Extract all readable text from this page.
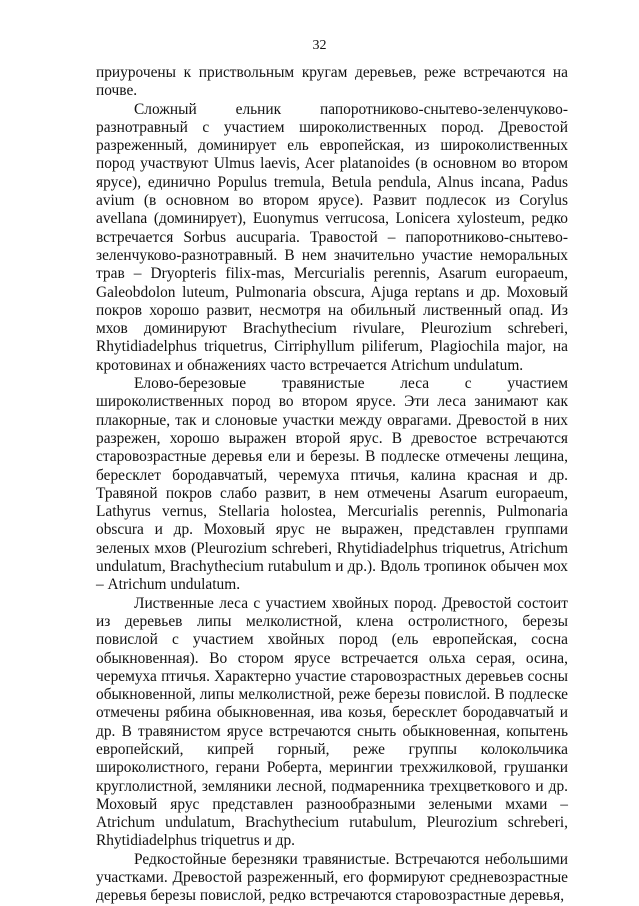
32

приурочены к приствольным кругам деревьев, реже встречаются на почве.

Сложный ельник папоротниково-снытево-зеленчуково-разнотравный с участием широколиственных пород. Древостой разреженный, доминирует ель европейская, из широколиственных пород участвуют Ulmus laevis, Acer platanoides (в основном во втором ярусе), единично Populus tremula, Betula pendula, Alnus incana, Padus avium (в основном во втором ярусе). Развит подлесок из Corylus avellana (доминирует), Euonymus verrucosa, Lonicera xylosteum, редко встречается Sorbus aucuparia. Травостой – папоротниково-снытево-зеленчуково-разнотравный. В нем значительно участие неморальных трав – Dryopteris filix-mas, Mercurialis perennis, Asarum europaeum, Galeobdolon luteum, Pulmonaria obscura, Ajuga reptans и др. Моховый покров хорошо развит, несмотря на обильный лиственный опад. Из мхов доминируют Brachythecium rivulare, Pleurozium schreberi, Rhytidiadelphus triquetrus, Cirriphyllum piliferum, Plagiochila major, на кротовинах и обнажениях часто встречается Atrichum undulatum.

Елово-березовые травянистые леса с участием широколиственных пород во втором ярусе. Эти леса занимают как плакорные, так и слоновые участки между оврагами. Древостой в них разрежен, хорошо выражен второй ярус. В древостое встречаются старовозрастные деревья ели и березы. В подлеске отмечены лещина, бересклет бородавчатый, черемуха птичья, калина красная и др. Травяной покров слабо развит, в нем отмечены Asarum europaeum, Lathyrus vernus, Stellaria holostea, Mercurialis perennis, Pulmonaria obscura и др. Моховый ярус не выражен, представлен группами зеленых мхов (Pleurozium schreberi, Rhytidiadelphus triquetrus, Atrichum undulatum, Brachythecium rutabulum и др.). Вдоль тропинок обычен мох – Atrichum undulatum.

Лиственные леса с участием хвойных пород. Древостой состоит из деревьев липы мелколистной, клена остролистного, березы повислой с участием хвойных пород (ель европейская, сосна обыкновенная). Во стором ярусе встречается ольха серая, осина, черемуха птичья. Характерно участие старовозрастных деревьев сосны обыкновенной, липы мелколистной, реже березы повислой. В подлеске отмечены рябина обыкновенная, ива козья, бересклет бородавчатый и др. В травянистом ярусе встречаются сныть обыкновенная, копытень европейский, кипрей горный, реже группы колокольчика широколистного, герани Роберта, мерингии трехжилковой, грушанки круглолистной, земляники лесной, подмаренника трехцветкового и др. Моховый ярус представлен разнообразными зелеными мхами – Atrichum undulatum, Brachythecium rutabulum, Pleurozium schreberi, Rhytidiadelphus triquetrus и др.

Редкостойные березняки травянистые. Встречаются небольшими участками. Древостой разреженный, его формируют средневозрастные деревья березы повислой, редко встречаются старовозрастные деревья,
